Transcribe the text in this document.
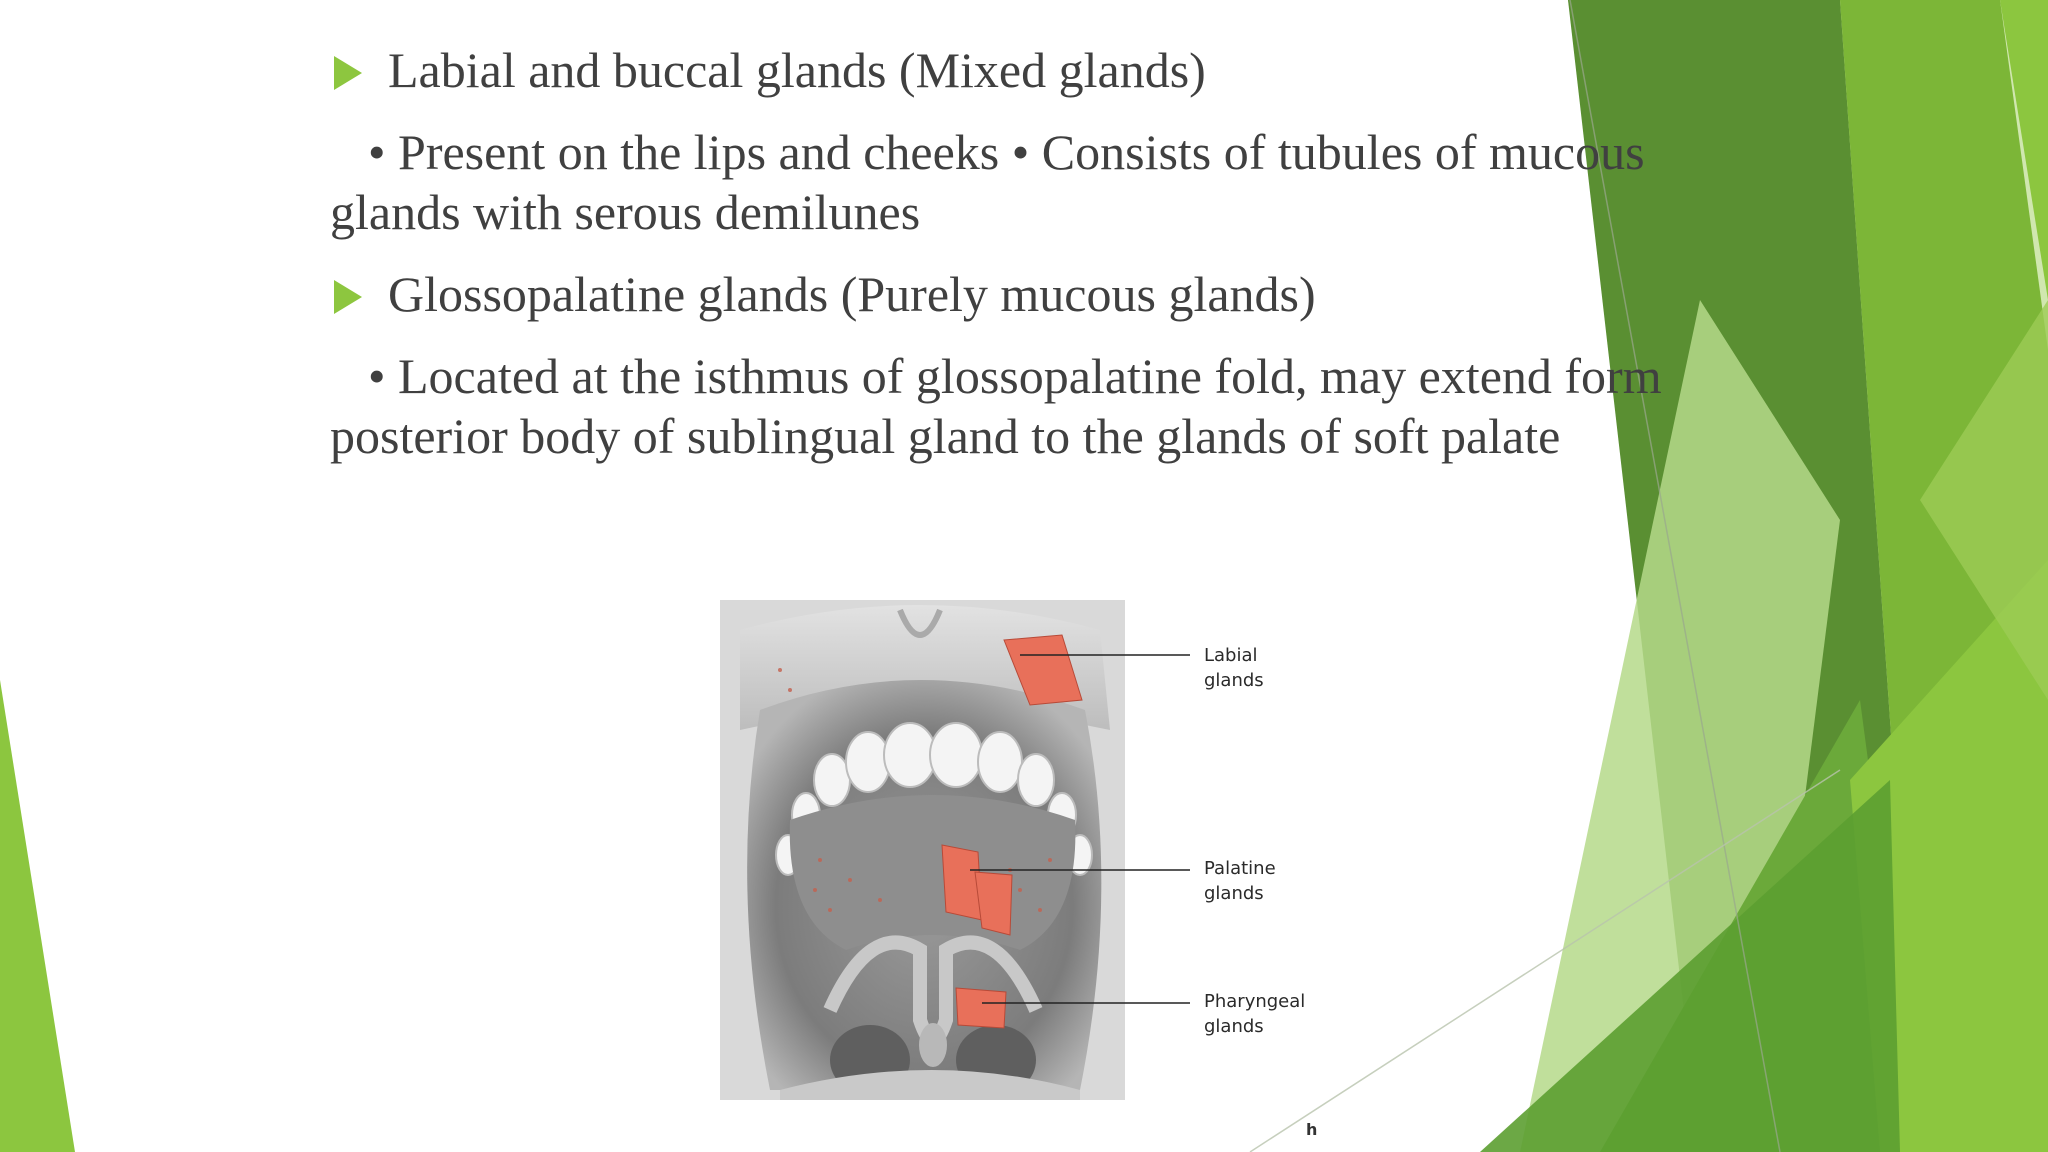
Labial and buccal glands (Mixed glands)
• Present on the lips and cheeks • Consists of tubules of mucous
glands with serous demilunes
Glossopalatine glands (Purely mucous glands)
• Located at the isthmus of glossopalatine fold, may extend form
posterior body of sublingual gland to the glands of soft palate
Labial
glands
Palatine
glands
Pharyngeal
glands
h
